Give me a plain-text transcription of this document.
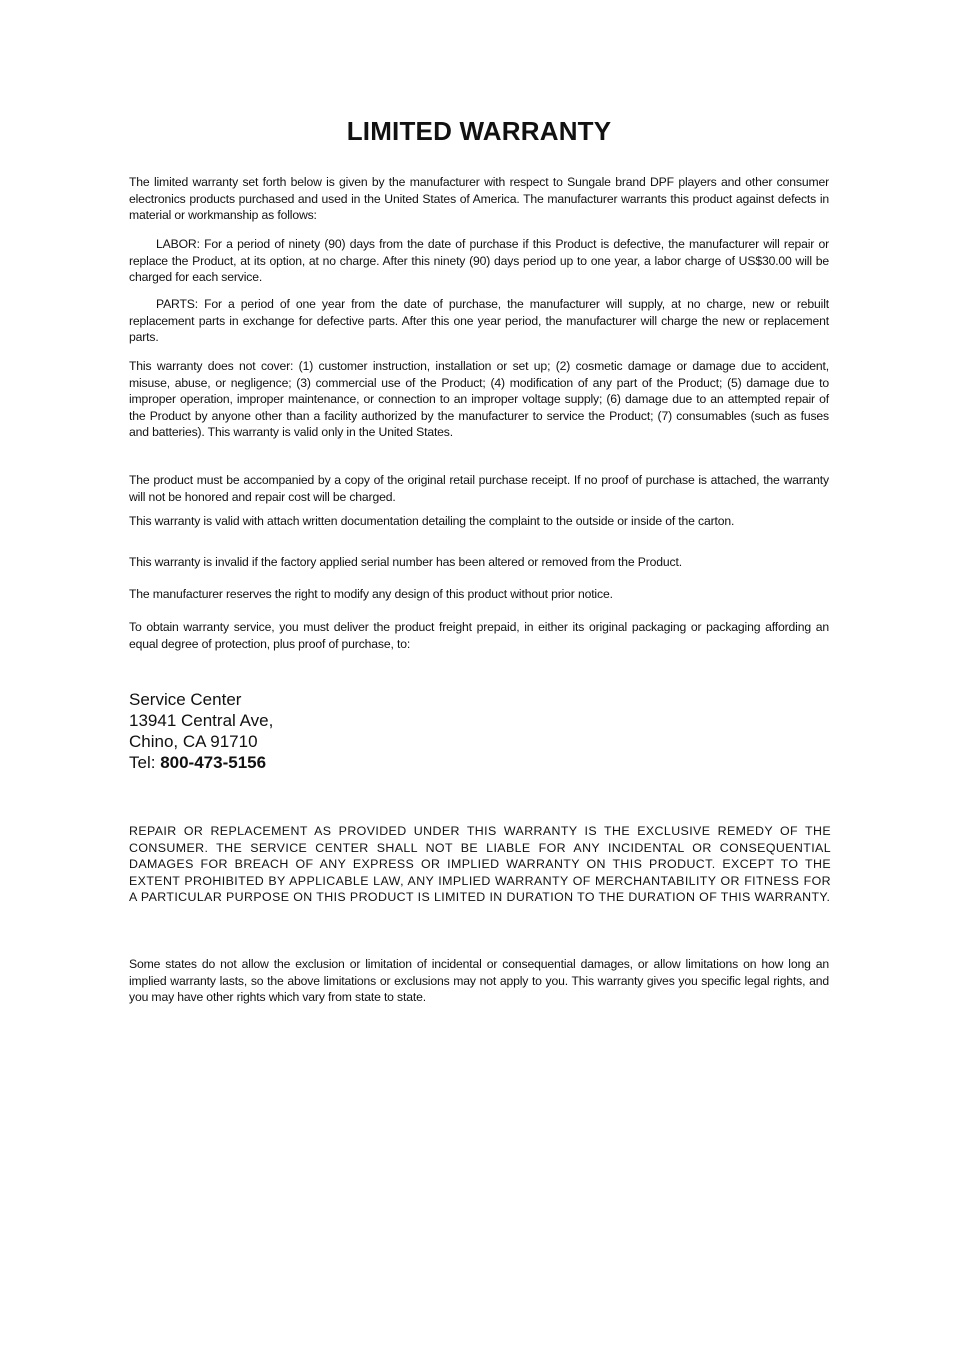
LIMITED WARRANTY

The limited warranty set forth below is given by the manufacturer with respect to Sungale brand DPF players and other consumer electronics products purchased and used in the United States of America. The manufacturer warrants this product against defects in material or workmanship as follows:

LABOR: For a period of ninety (90) days from the date of purchase if this Product is defective, the manufacturer will repair or replace the Product, at its option, at no charge. After this ninety (90) days period up to one year, a labor charge of US$30.00 will be charged for each service.

PARTS: For a period of one year from the date of purchase, the manufacturer will supply, at no charge, new or rebuilt replacement parts in exchange for defective parts. After this one year period, the manufacturer will charge the new or replacement parts.

This warranty does not cover: (1) customer instruction, installation or set up; (2) cosmetic damage or damage due to accident, misuse, abuse, or negligence; (3) commercial use of the Product; (4) modification of any part of the Product; (5) damage due to improper operation, improper maintenance, or connection to an improper voltage supply; (6) damage due to an attempted repair of the Product by anyone other than a facility authorized by the manufacturer to service the Product; (7) consumables (such as fuses and batteries). This warranty is valid only in the United States.

The product must be accompanied by a copy of the original retail purchase receipt. If no proof of purchase is attached, the warranty will not be honored and repair cost will be charged.

This warranty is valid with attach written documentation detailing the complaint to the outside or inside of the carton.

This warranty is invalid if the factory applied serial number has been altered or removed from the Product.

The manufacturer reserves the right to modify any design of this product without prior notice.

To obtain warranty service, you must deliver the product freight prepaid, in either its original packaging or packaging affording an equal degree of protection, plus proof of purchase, to:

Service Center
13941 Central Ave,
Chino, CA 91710
Tel: 800-473-5156

REPAIR OR REPLACEMENT AS PROVIDED UNDER THIS WARRANTY IS THE EXCLUSIVE REMEDY OF THE CONSUMER. THE SERVICE CENTER SHALL NOT BE LIABLE FOR ANY INCIDENTAL OR CONSEQUENTIAL DAMAGES FOR BREACH OF ANY EXPRESS OR IMPLIED WARRANTY ON THIS PRODUCT. EXCEPT TO THE EXTENT PROHIBITED BY APPLICABLE LAW, ANY IMPLIED WARRANTY OF MERCHANTABILITY OR FITNESS FOR A PARTICULAR PURPOSE ON THIS PRODUCT IS LIMITED IN DURATION TO THE DURATION OF THIS WARRANTY.

Some states do not allow the exclusion or limitation of incidental or consequential damages, or allow limitations on how long an implied warranty lasts, so the above limitations or exclusions may not apply to you. This warranty gives you specific legal rights, and you may have other rights which vary from state to state.
